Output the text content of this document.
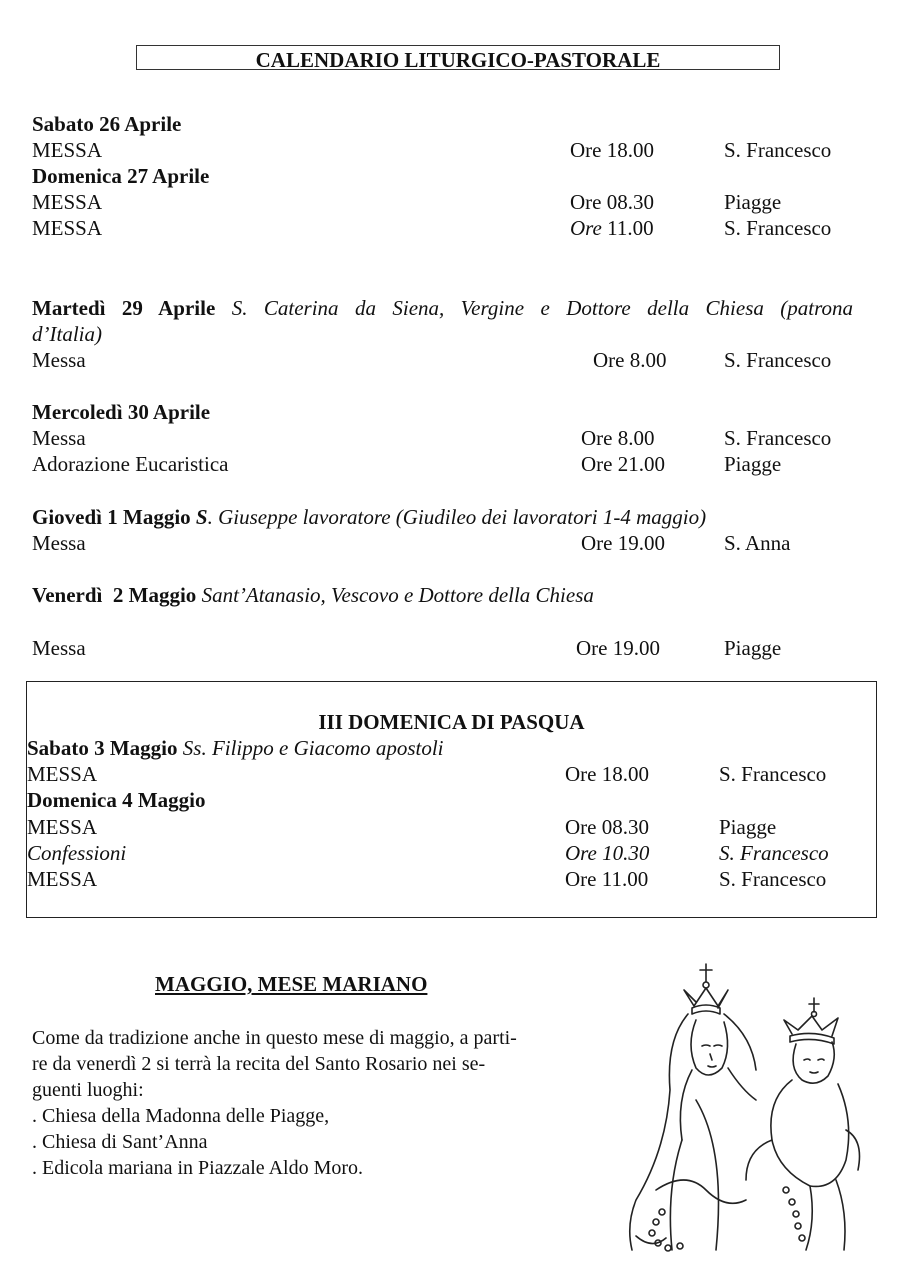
CALENDARIO LITURGICO-PASTORALE
Sabato 26 Aprile
MESSA	Ore 18.00	S. Francesco
Domenica 27 Aprile
MESSA	Ore 08.30	Piagge
MESSA	Ore 11.00	S. Francesco
Martedì 29 Aprile S. Caterina da Siena, Vergine e Dottore della Chiesa (patrona
d’Italia)
Messa	Ore 8.00	S. Francesco
Mercoledì 30 Aprile
Messa	Ore 8.00	S. Francesco
Adorazione Eucaristica	Ore 21.00	Piagge
Giovedì 1 Maggio S. Giuseppe lavoratore (Giudileo dei lavoratori 1-4 maggio)
Messa	Ore 19.00	S. Anna
Venerdì  2 Maggio Sant’Atanasio, Vescovo e Dottore della Chiesa
Messa	Ore 19.00	Piagge
III DOMENICA DI PASQUA
Sabato 3 Maggio Ss. Filippo e Giacomo apostoli
MESSA	Ore 18.00	S. Francesco
Domenica 4 Maggio
MESSA	Ore 08.30	Piagge
Confessioni	Ore 10.30	S. Francesco
MESSA	Ore 11.00	S. Francesco
MAGGIO, MESE MARIANO
Come da tradizione anche in questo mese di maggio, a parti-
re da venerdì 2 si terrà la recita del Santo Rosario nei se-
guenti luoghi:
. Chiesa della Madonna delle Piagge,
. Chiesa di Sant’Anna
. Edicola mariana in Piazzale Aldo Moro.
